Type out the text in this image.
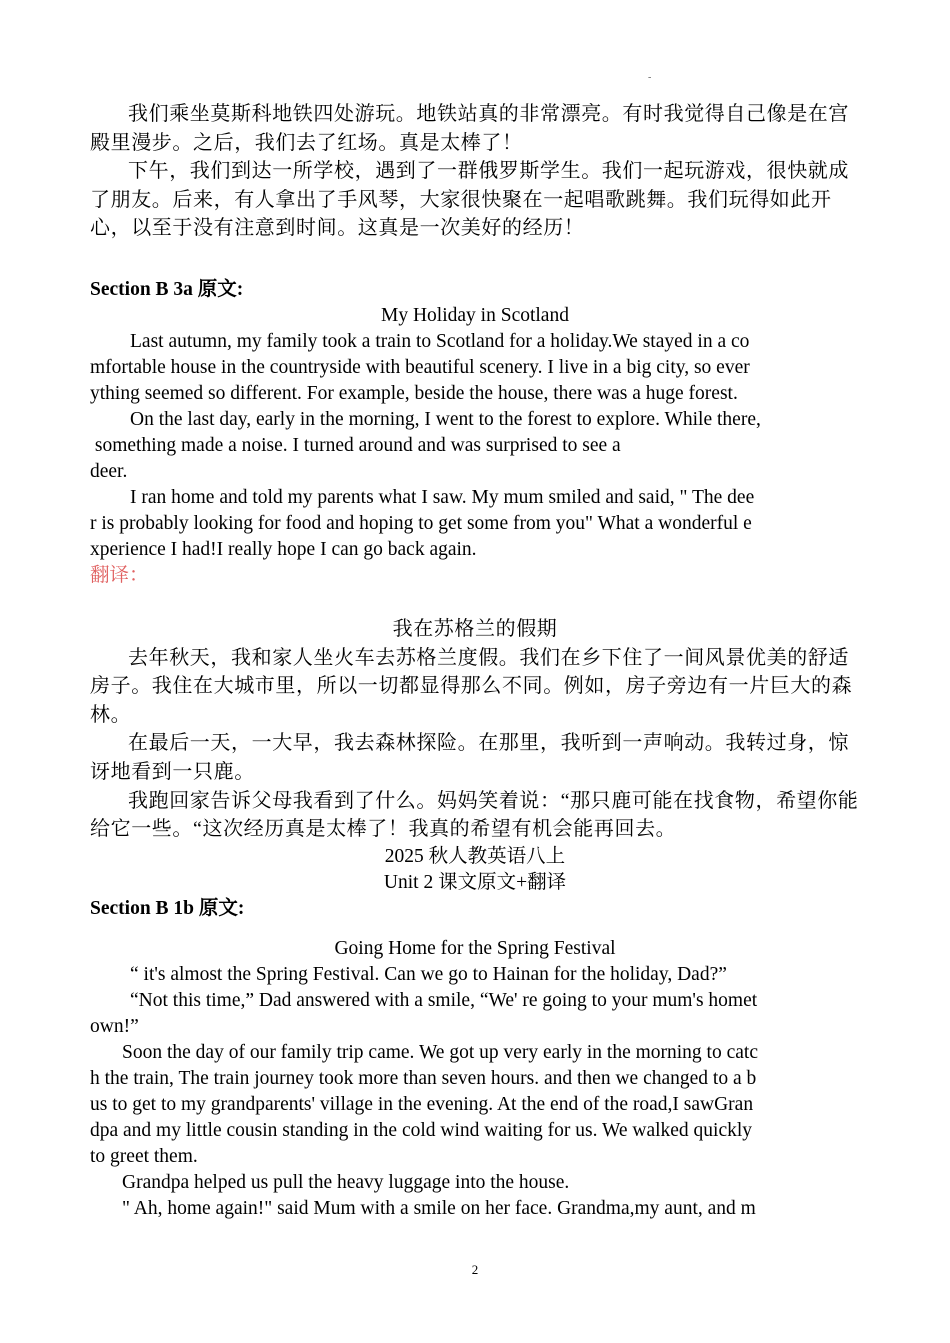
-

我们乘坐莫斯科地铁四处游玩。地铁站真的非常漂亮。有时我觉得自己像是在宫殿里漫步。之后，我们去了红场。真是太棒了！

下午，我们到达一所学校，遇到了一群俄罗斯学生。我们一起玩游戏，很快就成了朋友。后来，有人拿出了手风琴，大家很快聚在一起唱歌跳舞。我们玩得如此开心，以至于没有注意到时间。这真是一次美好的经历！

Section B 3a 原文:

My Holiday in Scotland

Last autumn, my family took a train to Scotland for a holiday.We stayed in a co
mfortable house in the countryside with beautiful scenery. I live in a big city, so ever
ything seemed so different. For example, beside the house, there was a huge forest.

On the last day, early in the morning, I went to the forest to explore. While there,
something made a noise. I turned around and was surprised to see a
deer.

I ran home and told my parents what I saw. My mum smiled and said, " The dee
r is probably looking for food and hoping to get some from you" What a wonderful e
xperience I had!I really hope I can go back again.

翻译：

我在苏格兰的假期

去年秋天，我和家人坐火车去苏格兰度假。我们在乡下住了一间风景优美的舒适房子。我住在大城市里，所以一切都显得那么不同。例如，房子旁边有一片巨大的森林。

在最后一天，一大早，我去森林探险。在那里，我听到一声响动。我转过身，惊讶地看到一只鹿。

我跑回家告诉父母我看到了什么。妈妈笑着说：“那只鹿可能在找食物，希望你能给它一些。“这次经历真是太棒了！我真的希望有机会能再回去。

2025 秋人教英语八上

Unit 2 课文原文+翻译

Section B 1b 原文:

Going Home for the Spring Festival

“ it's almost the Spring Festival. Can we go to Hainan for the holiday, Dad?”

“Not this time,” Dad answered with a smile, “We' re going to your mum's homet
own!”

Soon the day of our family trip came. We got up very early in the morning to catc
h the train, The train journey took more than seven hours. and then we changed to a b
us to get to my grandparents' village in the evening. At the end of the road,I sawGran
dpa and my little cousin standing in the cold wind waiting for us. We walked quickly
to greet them.

Grandpa helped us pull the heavy luggage into the house.

" Ah, home again!" said Mum with a smile on her face. Grandma,my aunt, and m

2
